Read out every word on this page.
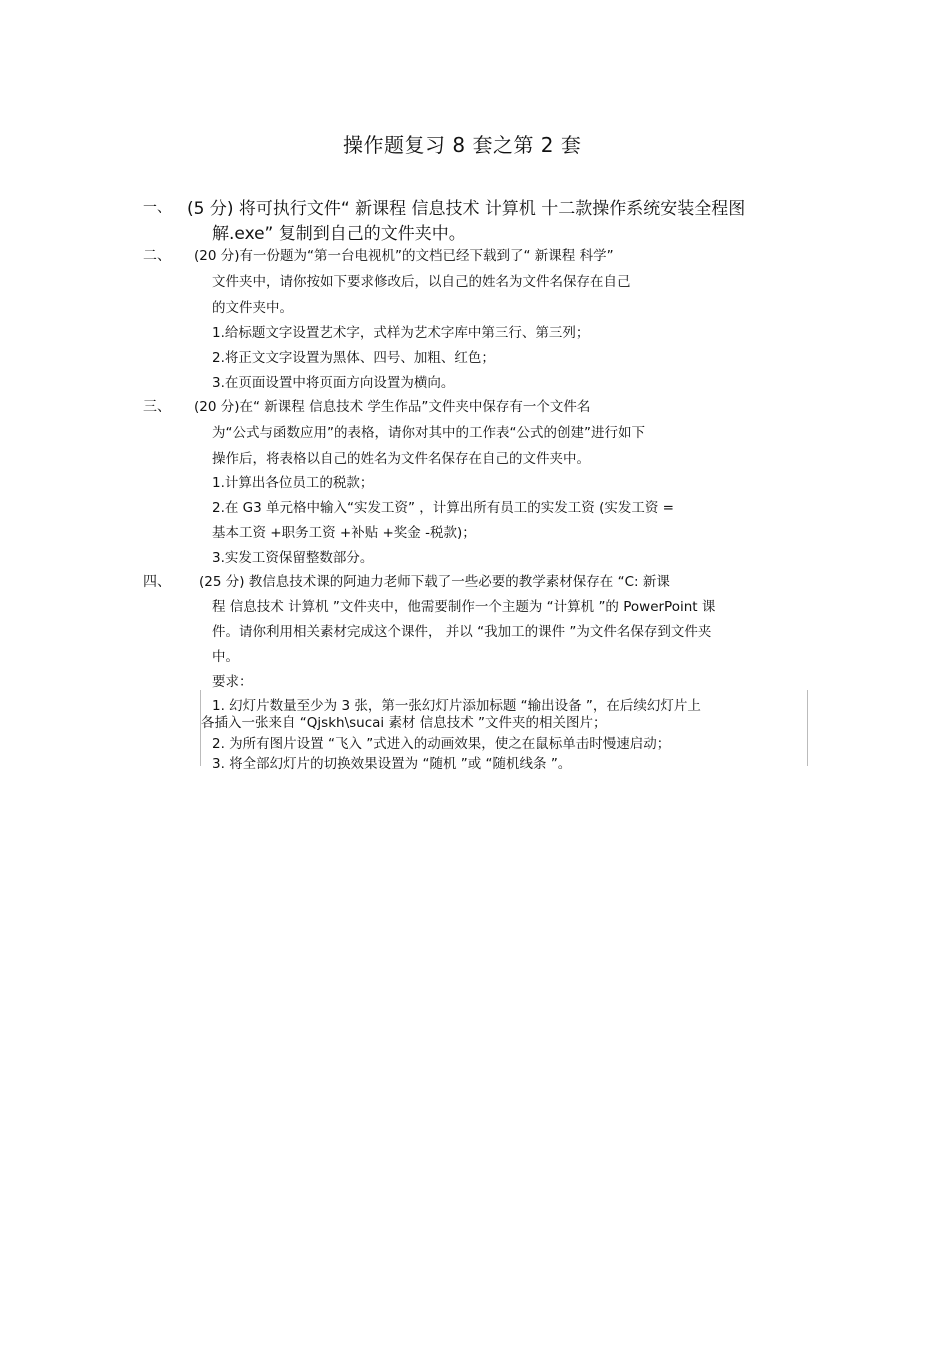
操作题复习 8 套之第 2 套
一、 (5 分) 将可执行文件“ 新课程 信息技术 计算机 十二款操作系统安装全程图
解.exe” 复制到自己的文件夹中。
二、 (20 分)有一份题为“第一台电视机”的文档已经下载到了“ 新课程 科学”
文件夹中，请你按如下要求修改后，以自己的姓名为文件名保存在自己
的文件夹中。
1.给标题文字设置艺术字，式样为艺术字库中第三行、第三列；
2.将正文文字设置为黑体、四号、加粗、红色；
3.在页面设置中将页面方向设置为横向。
三、 (20 分)在“ 新课程 信息技术 学生作品”文件夹中保存有一个文件名
为“公式与函数应用”的表格，请你对其中的工作表“公式的创建”进行如下
操作后，将表格以自己的姓名为文件名保存在自己的文件夹中。
1.计算出各位员工的税款；
2.在 G3 单元格中输入“实发工资” ，计算出所有员工的实发工资 (实发工资 =
基本工资 +职务工资 +补贴 +奖金 -税款)；
3.实发工资保留整数部分。
四、 (25 分) 教信息技术课的阿迪力老师下载了一些必要的教学素材保存在 “C: 新课
程 信息技术 计算机 ”文件夹中，他需要制作一个主题为 “计算机 ”的 PowerPoint 课
件。请你利用相关素材完成这个课件， 并以 “我加工的课件 ”为文件名保存到文件夹
中。
要求：
1. 幻灯片数量至少为 3 张，第一张幻灯片添加标题 “输出设备 ”，在后续幻灯片上
各插入一张来自 “Qjskh\sucai 素材 信息技术 ”文件夹的相关图片；
2. 为所有图片设置 “飞入 ”式进入的动画效果，使之在鼠标单击时慢速启动；
3. 将全部幻灯片的切换效果设置为 “随机 ”或 “随机线条 ”。
